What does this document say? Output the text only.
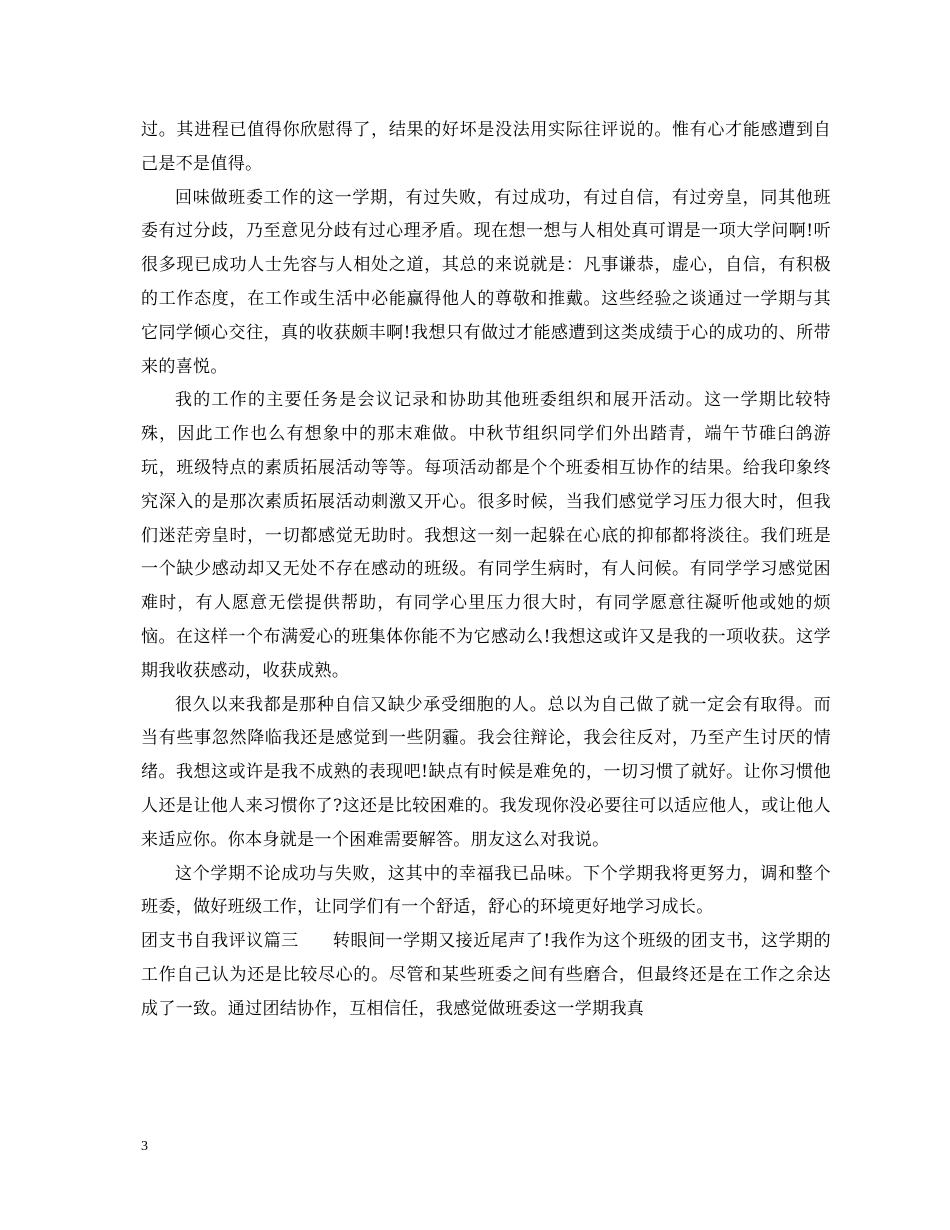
过。其进程已值得你欣慰得了，结果的好坏是没法用实际往评说的。惟有心才能感遭到自己是不是值得。

回味做班委工作的这一学期，有过失败，有过成功，有过自信，有过旁皇，同其他班委有过分歧，乃至意见分歧有过心理矛盾。现在想一想与人相处真可谓是一项大学问啊!听很多现已成功人士先容与人相处之道，其总的来说就是：凡事谦恭，虚心，自信，有积极的工作态度，在工作或生活中必能赢得他人的尊敬和推戴。这些经验之谈通过一学期与其它同学倾心交往，真的收获颇丰啊!我想只有做过才能感遭到这类成绩于心的成功的、所带来的喜悦。

我的工作的主要任务是会议记录和协助其他班委组织和展开活动。这一学期比较特殊，因此工作也么有想象中的那末难做。中秋节组织同学们外出踏青，端午节碓臼鸽游玩，班级特点的素质拓展活动等等。每项活动都是个个班委相互协作的结果。给我印象终究深入的是那次素质拓展活动刺激又开心。很多时候，当我们感觉学习压力很大时，但我们迷茫旁皇时，一切都感觉无助时。我想这一刻一起躲在心底的抑郁都将淡往。我们班是一个缺少感动却又无处不存在感动的班级。有同学生病时，有人问候。有同学学习感觉困难时，有人愿意无偿提供帮助，有同学心里压力很大时，有同学愿意往凝听他或她的烦恼。在这样一个布满爱心的班集体你能不为它感动么!我想这或许又是我的一项收获。这学期我收获感动，收获成熟。

很久以来我都是那种自信又缺少承受细胞的人。总以为自己做了就一定会有取得。而当有些事忽然降临我还是感觉到一些阴霾。我会往辩论，我会往反对，乃至产生讨厌的情绪。我想这或许是我不成熟的表现吧!缺点有时候是难免的，一切习惯了就好。让你习惯他人还是让他人来习惯你了?这还是比较困难的。我发现你没必要往可以适应他人，或让他人来适应你。你本身就是一个困难需要解答。朋友这么对我说。

这个学期不论成功与失败，这其中的幸福我已品味。下个学期我将更努力，调和整个班委，做好班级工作，让同学们有一个舒适，舒心的环境更好地学习成长。

团支书自我评议篇三 转眼间一学期又接近尾声了!我作为这个班级的团支书，这学期的工作自己认为还是比较尽心的。尽管和某些班委之间有些磨合，但最终还是在工作之余达成了一致。通过团结协作，互相信任，我感觉做班委这一学期我真

3
